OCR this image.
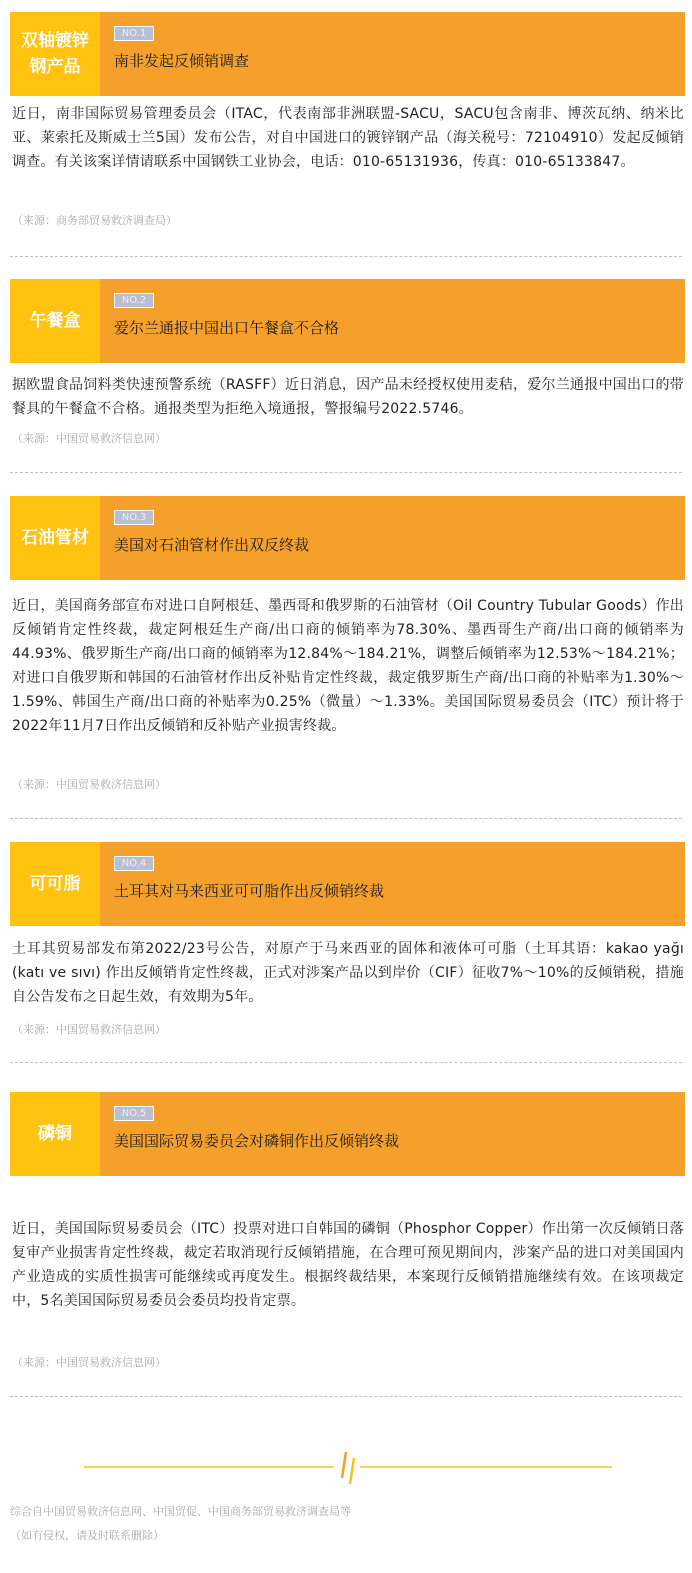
双轴镀锌钢产品
NO.1
南非发起反倾销调查
近日，南非国际贸易管理委员会（ITAC，代表南部非洲联盟-SACU，SACU包含南非、博茨瓦纳、纳米比亚、莱索托及斯威士兰5国）发布公告，对自中国进口的镀锌钢产品（海关税号：72104910）发起反倾销调查。有关该案详情请联系中国钢铁工业协会，电话：010-65131936，传真：010-65133847。
（来源：商务部贸易救济调查局）
午餐盒
NO.2
爱尔兰通报中国出口午餐盒不合格
据欧盟食品饲料类快速预警系统（RASFF）近日消息，因产品未经授权使用麦秸，爱尔兰通报中国出口的带餐具的午餐盒不合格。通报类型为拒绝入境通报，警报编号2022.5746。
（来源：中国贸易救济信息网）
石油管材
NO.3
美国对石油管材作出双反终裁
近日，美国商务部宣布对进口自阿根廷、墨西哥和俄罗斯的石油管材（Oil Country Tubular Goods）作出反倾销肯定性终裁，裁定阿根廷生产商/出口商的倾销率为78.30%、墨西哥生产商/出口商的倾销率为44.93%、俄罗斯生产商/出口商的倾销率为12.84%～184.21%，调整后倾销率为12.53%～184.21%；对进口自俄罗斯和韩国的石油管材作出反补贴肯定性终裁，裁定俄罗斯生产商/出口商的补贴率为1.30%～1.59%、韩国生产商/出口商的补贴率为0.25%（微量）～1.33%。美国国际贸易委员会（ITC）预计将于2022年11月7日作出反倾销和反补贴产业损害终裁。
（来源：中国贸易救济信息网）
可可脂
NO.4
土耳其对马来西亚可可脂作出反倾销终裁
土耳其贸易部发布第2022/23号公告，对原产于马来西亚的固体和液体可可脂（土耳其语：kakao yağı (katı ve sıvı) 作出反倾销肯定性终裁，正式对涉案产品以到岸价（CIF）征收7%～10%的反倾销税，措施自公告发布之日起生效，有效期为5年。
（来源：中国贸易救济信息网）
磷铜
NO.5
美国国际贸易委员会对磷铜作出反倾销终裁
近日，美国国际贸易委员会（ITC）投票对进口自韩国的磷铜（Phosphor Copper）作出第一次反倾销日落复审产业损害肯定性终裁，裁定若取消现行反倾销措施，在合理可预见期间内，涉案产品的进口对美国国内产业造成的实质性损害可能继续或再度发生。根据终裁结果，本案现行反倾销措施继续有效。在该项裁定中，5名美国国际贸易委员会委员均投肯定票。
（来源：中国贸易救济信息网）
综合自中国贸易救济信息网、中国贸促、中国商务部贸易救济调查局等
（如有侵权，请及时联系删除）
